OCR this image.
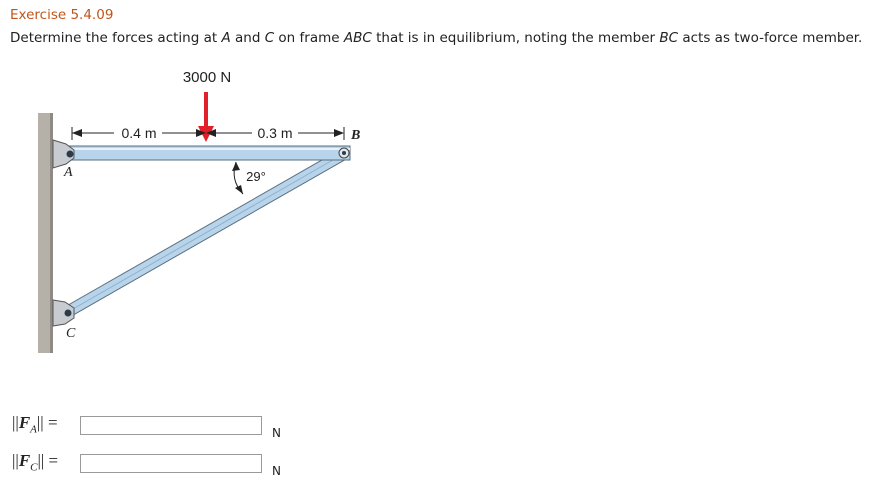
Exercise 5.4.09
Determine the forces acting at A and C on frame ABC that is in equilibrium, noting the member BC acts as two-force member.
3000 N
0.4 m	0.3 m
29°
A
B
C
$||F_A||$ =
N
$||F_C||$ =
N
